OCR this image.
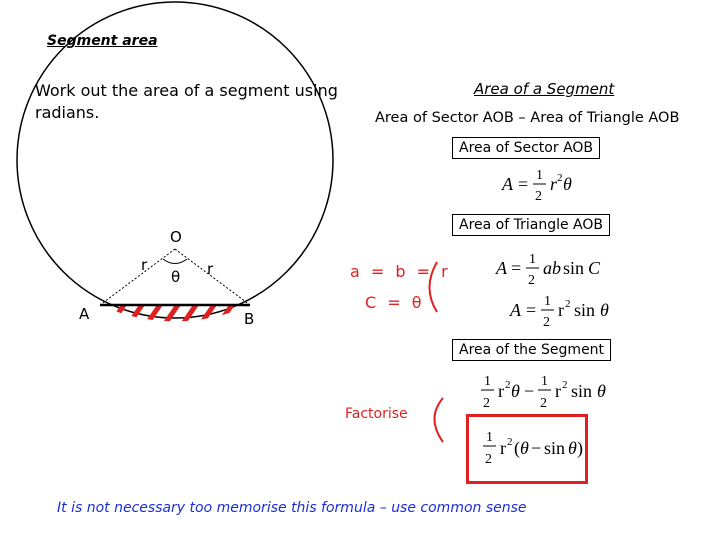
Segment area
Work out the area of a segment using radians.
Area of a Segment
Area of Sector AOB – Area of Triangle AOB
Area of Sector AOB
Area of Triangle AOB
Area of the Segment
O
A	B
r	r
θ	a = b = r
C = θ
Factorise
A = 1
2
r 2 θ
A = 1
2
ab sin C
A = 1
2
r 2 sin θ
1
2
r 2 θ − 1
2
r 2 sin θ
1
2
r 2 ( θ − sin θ )
It is not necessary too memorise this formula – use common sense
